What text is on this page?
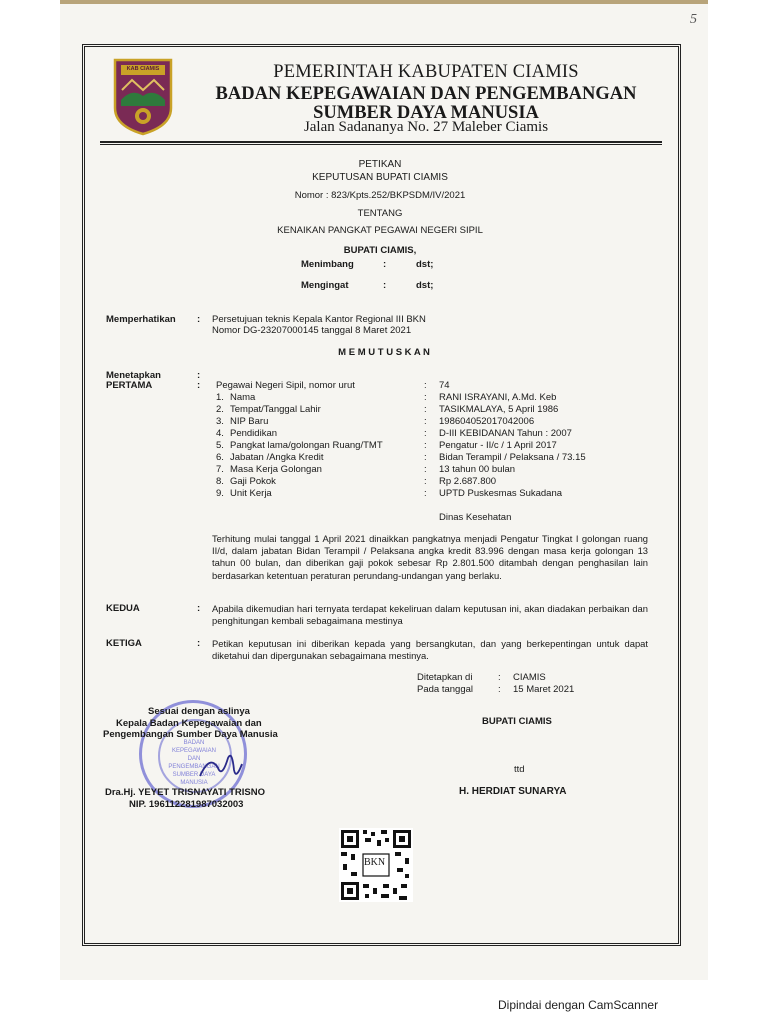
5
KAB CIAMIS	PEMERINTAH KABUPATEN CIAMIS
BADAN KEPEGAWAIAN DAN PENGEMBANGAN
SUMBER DAYA MANUSIA
Jalan Sadananya No. 27 Maleber Ciamis
PETIKAN
KEPUTUSAN BUPATI CIAMIS
Nomor : 823/Kpts.252/BKPSDM/IV/2021
TENTANG
KENAIKAN PANGKAT PEGAWAI NEGERI SIPIL
BUPATI CIAMIS,
Menimbang	:	dst;
Mengingat	:	dst;
Memperhatikan : Persetujuan teknis Kepala Kantor Regional III BKN
Nomor DG-23207000145 tanggal 8 Maret 2021
M E M U T U S K A N
Menetapkan	:
PERTAMA	: Pegawai Negeri Sipil, nomor urut	: 74
1. Nama	: RANI ISRAYANI, A.Md. Keb
2. Tempat/Tanggal Lahir	: TASIKMALAYA, 5 April 1986
3. NIP Baru	: 198604052017042006
4. Pendidikan	: D-III KEBIDANAN Tahun : 2007
5. Pangkat lama/golongan Ruang/TMT	: Pengatur - II/c / 1 April 2017
6. Jabatan /Angka Kredit	: Bidan Terampil / Pelaksana / 73.15
7. Masa Kerja Golongan	: 13 tahun 00 bulan
8. Gaji Pokok	: Rp 2.687.800
9. Unit Kerja	: UPTD Puskesmas Sukadana
Dinas Kesehatan
Terhitung mulai tanggal 1 April 2021 dinaikkan pangkatnya menjadi Pengatur Tingkat I golongan ruang II/d, dalam jabatan Bidan Terampil / Pelaksana angka kredit 83.996 dengan masa kerja golongan 13 tahun 00 bulan, dan diberikan gaji pokok sebesar Rp 2.801.500 ditambah dengan penghasilan lain berdasarkan ketentuan peraturan perundang-undangan yang berlaku.
KEDUA	: Apabila dikemudian hari ternyata terdapat kekeliruan dalam keputusan ini, akan diadakan perbaikan dan penghitungan kembali sebagaimana mestinya
KETIGA	: Petikan keputusan ini diberikan kepada yang bersangkutan, dan yang berkepentingan untuk dapat diketahui dan dipergunakan sebagaimana mestinya.
Ditetapkan di	: CIAMIS
Pada tanggal	: 15 Maret 2021
BUPATI CIAMIS
ttd
H. HERDIAT SUNARYA
BADAN KEPEGAWAIAN DAN PENGEMBANGAN SUMBER DAYA MANUSIA
Sesuai dengan aslinya
Kepala Badan Kepegawaian dan
Pengembangan Sumber Daya Manusia
Dra.Hj. YEYET TRISNAYATI TRISNO
NIP. 196112281987032003
BKN
Dipindai dengan CamScanner
